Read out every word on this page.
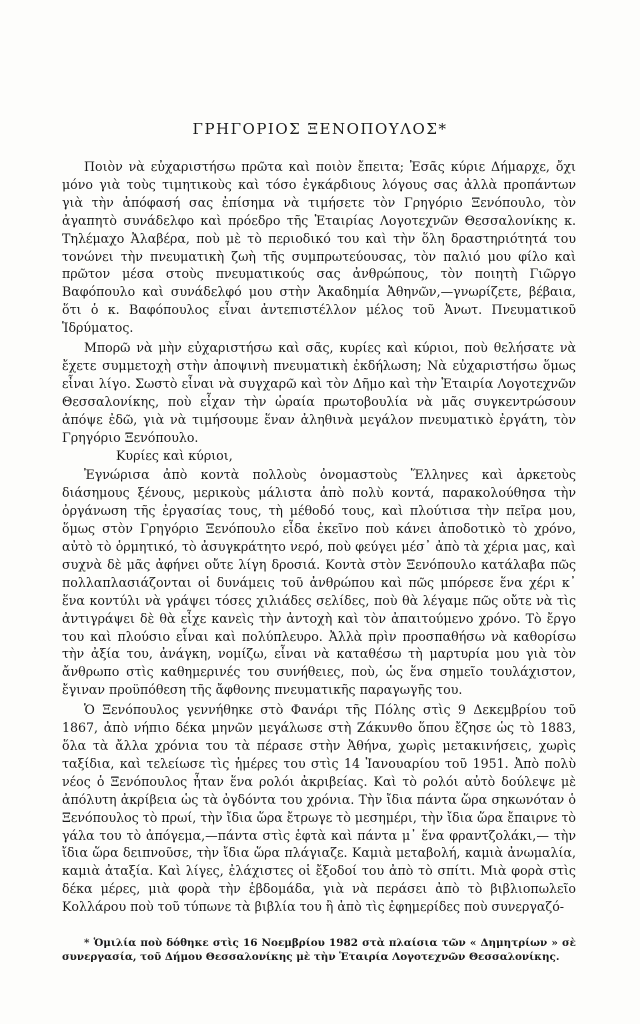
ΓΡΗΓΟΡΙΟΣ ΞΕΝΟΠΟΥΛΟΣ*

Ποιὸν νὰ εὐχαριστήσω πρῶτα καὶ ποιὸν ἔπειτα; Ἐσᾶς κύριε Δήμαρχε, ὄχι μόνο γιὰ τοὺς τιμητικοὺς καὶ τόσο ἐγκάρδιους λόγους σας ἀλλὰ προπάντων γιὰ τὴν ἀπόφασή σας ἐπίσημα νὰ τιμήσετε τὸν Γρηγόριο Ξενόπουλο, τὸν ἀγαπητὸ συνάδελφο καὶ πρόεδρο τῆς Ἑταιρίας Λογοτεχνῶν Θεσσαλονίκης κ. Τηλέμαχο Ἀλαβέρα, ποὺ μὲ τὸ περιοδικό του καὶ τὴν ὅλη δραστηριότητά του τονώνει τὴν πνευματικὴ ζωὴ τῆς συμπρωτεύουσας, τὸν παλιό μου φίλο καὶ πρῶτον μέσα στοὺς πνευματικούς σας ἀνθρώπους, τὸν ποιητὴ Γιῶργο Βαφόπουλο καὶ συνάδελφό μου στὴν Ἀκαδημία Ἀθηνῶν,—γνωρίζετε, βέβαια, ὅτι ὁ κ. Βαφόπουλος εἶναι ἀντεπιστέλλον μέλος τοῦ Ἀνωτ. Πνευματικοῦ Ἱδρύματος.

Μπορῶ νὰ μὴν εὐχαριστήσω καὶ σᾶς, κυρίες καὶ κύριοι, ποὺ θελήσατε νὰ ἔχετε συμμετοχὴ στὴν ἀποψινὴ πνευματικὴ ἐκδήλωση; Νὰ εὐχαριστήσω ὅμως εἶναι λίγο. Σωστὸ εἶναι νὰ συγχαρῶ καὶ τὸν Δῆμο καὶ τὴν Ἑταιρία Λογοτεχνῶν Θεσσαλονίκης, ποὺ εἶχαν τὴν ὡραία πρωτοβουλία νὰ μᾶς συγκεντρώσουν ἀπόψε ἐδῶ, γιὰ νὰ τιμήσουμε ἕναν ἀληθινὰ μεγάλον πνευματικὸ ἐργάτη, τὸν Γρηγόριο Ξενόπουλο.

Κυρίες καὶ κύριοι,

Ἐγνώρισα ἀπὸ κοντὰ πολλοὺς ὀνομαστοὺς Ἕλληνες καὶ ἀρκετοὺς διάσημους ξένους, μερικοὺς μάλιστα ἀπὸ πολὺ κοντά, παρακολούθησα τὴν ὀργάνωση τῆς ἐργασίας τους, τὴ μέθοδό τους, καὶ πλούτισα τὴν πεῖρα μου, ὅμως στὸν Γρηγόριο Ξενόπουλο εἶδα ἐκεῖνο ποὺ κάνει ἀποδοτικὸ τὸ χρόνο, αὐτὸ τὸ ὁρμητικό, τὸ ἀσυγκράτητο νερό, ποὺ φεύγει μέσ᾽ ἀπὸ τὰ χέρια μας, καὶ συχνὰ δὲ μᾶς ἀφήνει οὔτε λίγη δροσιά. Κοντὰ στὸν Ξενόπουλο κατάλαβα πῶς πολλαπλασιάζονται οἱ δυνάμεις τοῦ ἀνθρώπου καὶ πῶς μπόρεσε ἕνα χέρι κ᾽ ἕνα κοντύλι νὰ γράψει τόσες χιλιάδες σελίδες, ποὺ θὰ λέγαμε πῶς οὔτε νὰ τὶς ἀντιγράψει δὲ θὰ εἶχε κανεὶς τὴν ἀντοχὴ καὶ τὸν ἀπαιτούμενο χρόνο. Τὸ ἔργο του καὶ πλούσιο εἶναι καὶ πολύπλευρο. Ἀλλὰ πρὶν προσπαθήσω νὰ καθορίσω τὴν ἀξία του, ἀνάγκη, νομίζω, εἶναι νὰ καταθέσω τὴ μαρτυρία μου γιὰ τὸν ἄνθρωπο στὶς καθημερινές του συνήθειες, ποὺ, ὡς ἕνα σημεῖο τουλάχιστον, ἔγιναν προϋπόθεση τῆς ἄφθονης πνευματικῆς παραγωγῆς του.

Ὁ Ξενόπουλος γεννήθηκε στὸ Φανάρι τῆς Πόλης στὶς 9 Δεκεμβρίου τοῦ 1867, ἀπὸ νήπιο δέκα μηνῶν μεγάλωσε στὴ Ζάκυνθο ὅπου ἔζησε ὡς τὸ 1883, ὅλα τὰ ἄλλα χρόνια του τὰ πέρασε στὴν Ἀθήνα, χωρὶς μετακινήσεις, χωρὶς ταξίδια, καὶ τελείωσε τὶς ἡμέρες του στὶς 14 Ἰανουαρίου τοῦ 1951. Ἀπὸ πολὺ νέος ὁ Ξενόπουλος ἦταν ἕνα ρολόι ἀκριβείας. Καὶ τὸ ρολόι αὐτὸ δούλεψε μὲ ἀπόλυτη ἀκρίβεια ὡς τὰ ὀγδόντα του χρόνια. Τὴν ἴδια πάντα ὥρα σηκωνόταν ὁ Ξενόπουλος τὸ πρωί, τὴν ἴδια ὥρα ἔτρωγε τὸ μεσημέρι, τὴν ἴδια ὥρα ἔπαιρνε τὸ γάλα του τὸ ἀπόγεμα,—πάντα στὶς ἑφτὰ καὶ πάντα μ᾽ ἕνα φραντζολάκι,— τὴν ἴδια ὥρα δειπνοῦσε, τὴν ἴδια ὥρα πλάγιαζε. Καμιὰ μεταβολή, καμιὰ ἀνωμαλία, καμιὰ ἀταξία. Καὶ λίγες, ἐλάχιστες οἱ ἔξοδοί του ἀπὸ τὸ σπίτι. Μιὰ φορὰ στὶς δέκα μέρες, μιὰ φορὰ τὴν ἑβδομάδα, γιὰ νὰ περάσει ἀπὸ τὸ βιβλιοπωλεῖο Κολλάρου ποὺ τοῦ τύπωνε τὰ βιβλία του ἢ ἀπὸ τὶς ἐφημερίδες ποὺ συνεργαζό-

* Ὁμιλία ποὺ δόθηκε στὶς 16 Νοεμβρίου 1982 στὰ πλαίσια τῶν « Δημητρίων » σὲ συνεργασία, τοῦ Δήμου Θεσσαλονίκης μὲ τὴν Ἑταιρία Λογοτεχνῶν Θεσσαλονίκης.
